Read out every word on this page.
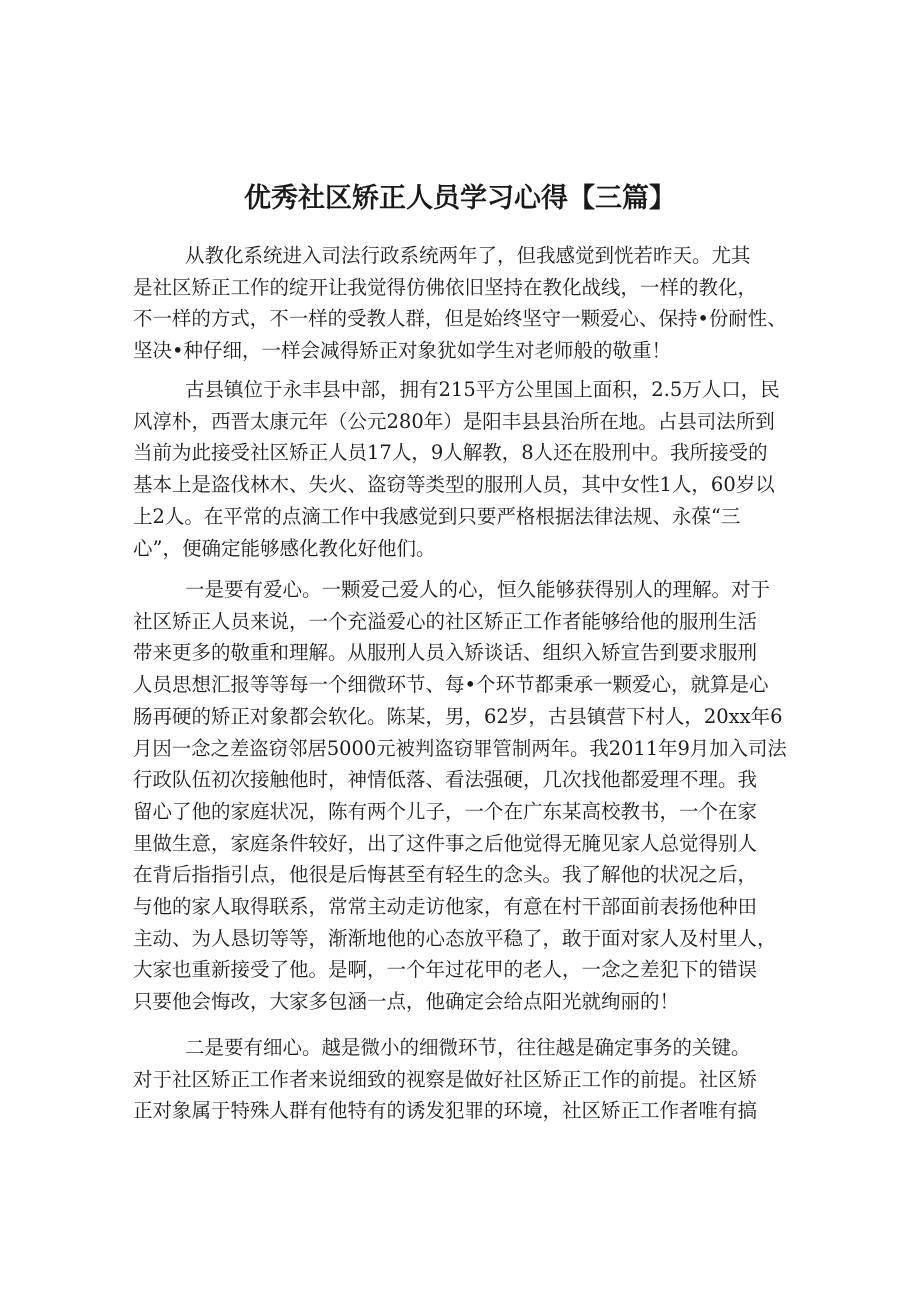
优秀社区矫正人员学习心得【三篇】
从教化系统进入司法行政系统两年了，但我感觉到恍若昨天。尤其
是社区矫正工作的绽开让我觉得仿佛依旧坚持在教化战线，一样的教化，
不一样的方式，不一样的受教人群，但是始终坚守一颗爱心、保持•份耐性、
坚决•种仔细，一样会减得矫正对象犹如学生对老师般的敬重！
古县镇位于永丰县中部，拥有215平方公里国上面积，2.5万人口，民
风淳朴，西晋太康元年（公元280年）是阳丰县县治所在地。占县司法所到
当前为此接受社区矫正人员17人，9人解教，8人还在股刑中。我所接受的
基本上是盗伐林木、失火、盗窃等类型的服刑人员，其中女性1人，60岁以
上2人。在平常的点滴工作中我感觉到只要严格根据法律法规、永葆“三
心”，便确定能够感化教化好他们。
一是要有爱心。一颗爱己爱人的心，恒久能够获得别人的理解。对于
社区矫正人员来说，一个充溢爱心的社区矫正工作者能够给他的服刑生活
带来更多的敬重和理解。从服刑人员入矫谈话、组织入矫宣告到要求服刑
人员思想汇报等等每一个细微环节、每•个环节都秉承一颗爱心，就算是心
肠再硬的矫正对象都会软化。陈某，男，62岁，古县镇营下村人，20xx年6
月因一念之差盗窃邻居5000元被判盗窃罪管制两年。我2011年9月加入司法
行政队伍初次接触他时，神情低落、看法强硬，几次找他都爱理不理。我
留心了他的家庭状况，陈有两个儿子，一个在广东某高校教书，一个在家
里做生意，家庭条件较好，出了这件事之后他觉得无腌见家人总觉得别人
在背后指指引点，他很是后悔甚至有轻生的念头。我了解他的状况之后，
与他的家人取得联系，常常主动走访他家，有意在村干部面前表扬他种田
主动、为人恳切等等，渐渐地他的心态放平稳了，敢于面对家人及村里人，
大家也重新接受了他。是啊，一个年过花甲的老人，一念之差犯下的错误
只要他会悔改，大家多包涵一点，他确定会给点阳光就绚丽的！
二是要有细心。越是微小的细微环节，往往越是确定事务的关键。
对于社区矫正工作者来说细致的视察是做好社区矫正工作的前提。社区矫
正对象属于特殊人群有他特有的诱发犯罪的环境，社区矫正工作者唯有搞
